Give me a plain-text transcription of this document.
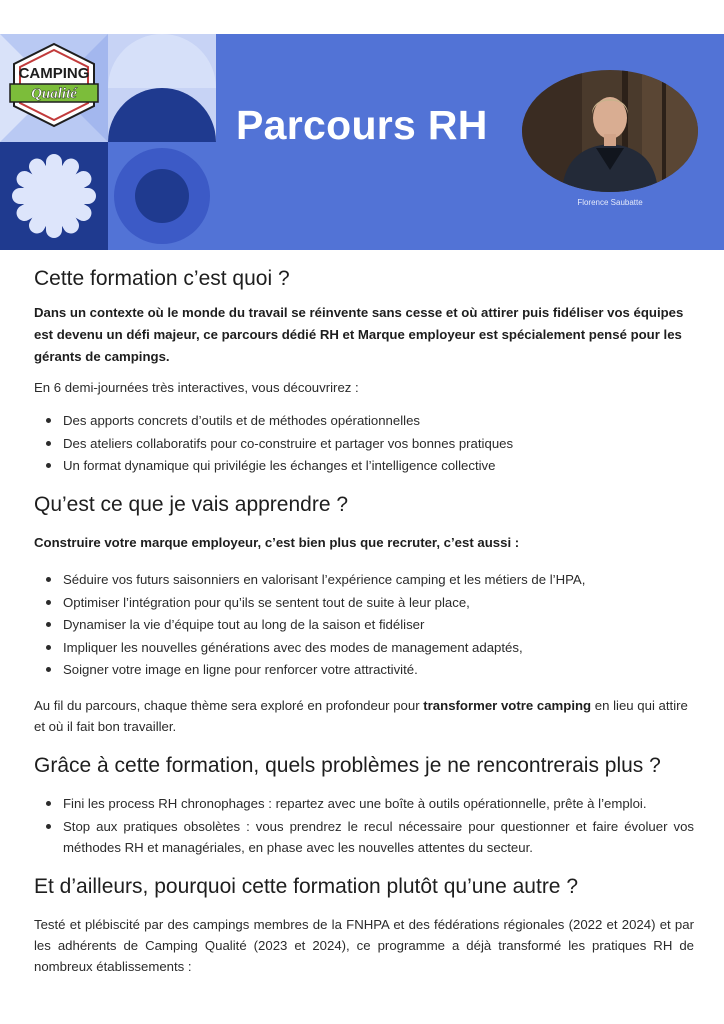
CAMPING
Qualité
Parcours RH
Florence Saubatte
Cette formation c’est quoi ?

Dans un contexte où le monde du travail se réinvente sans cesse et où attirer puis fidéliser vos équipes est devenu un défi majeur, ce parcours dédié RH et Marque employeur est spécialement pensé pour les gérants de campings.

En 6 demi-journées très interactives, vous découvrirez :

Des apports concrets d’outils et de méthodes opérationnelles
Des ateliers collaboratifs pour co-construire et partager vos bonnes pratiques
Un format dynamique qui privilégie les échanges et l’intelligence collective
Qu’est ce que je vais apprendre ?

Construire votre marque employeur, c’est bien plus que recruter, c’est aussi :

Séduire vos futurs saisonniers en valorisant l’expérience camping et les métiers de l’HPA,
Optimiser l’intégration pour qu’ils se sentent tout de suite à leur place,
Dynamiser la vie d’équipe tout au long de la saison et fidéliser
Impliquer les nouvelles générations avec des modes de management adaptés,
Soigner votre image en ligne pour renforcer votre attractivité.

Au fil du parcours, chaque thème sera exploré en profondeur pour transformer votre camping en lieu qui attire et où il fait bon travailler.

Grâce à cette formation, quels problèmes je ne rencontrerais plus ?
Fini les process RH chronophages : repartez avec une boîte à outils opérationnelle, prête à l’emploi.
Stop aux pratiques obsolètes : vous prendrez le recul nécessaire pour questionner et faire évoluer vos méthodes RH et managériales, en phase avec les nouvelles attentes du secteur.
Et d’ailleurs, pourquoi cette formation plutôt qu’une autre ?

Testé et plébiscité par des campings membres de la FNHPA et des fédérations régionales (2022 et 2024) et par les adhérents de Camping Qualité (2023 et 2024), ce programme a déjà transformé les pratiques RH de nombreux établissements :
